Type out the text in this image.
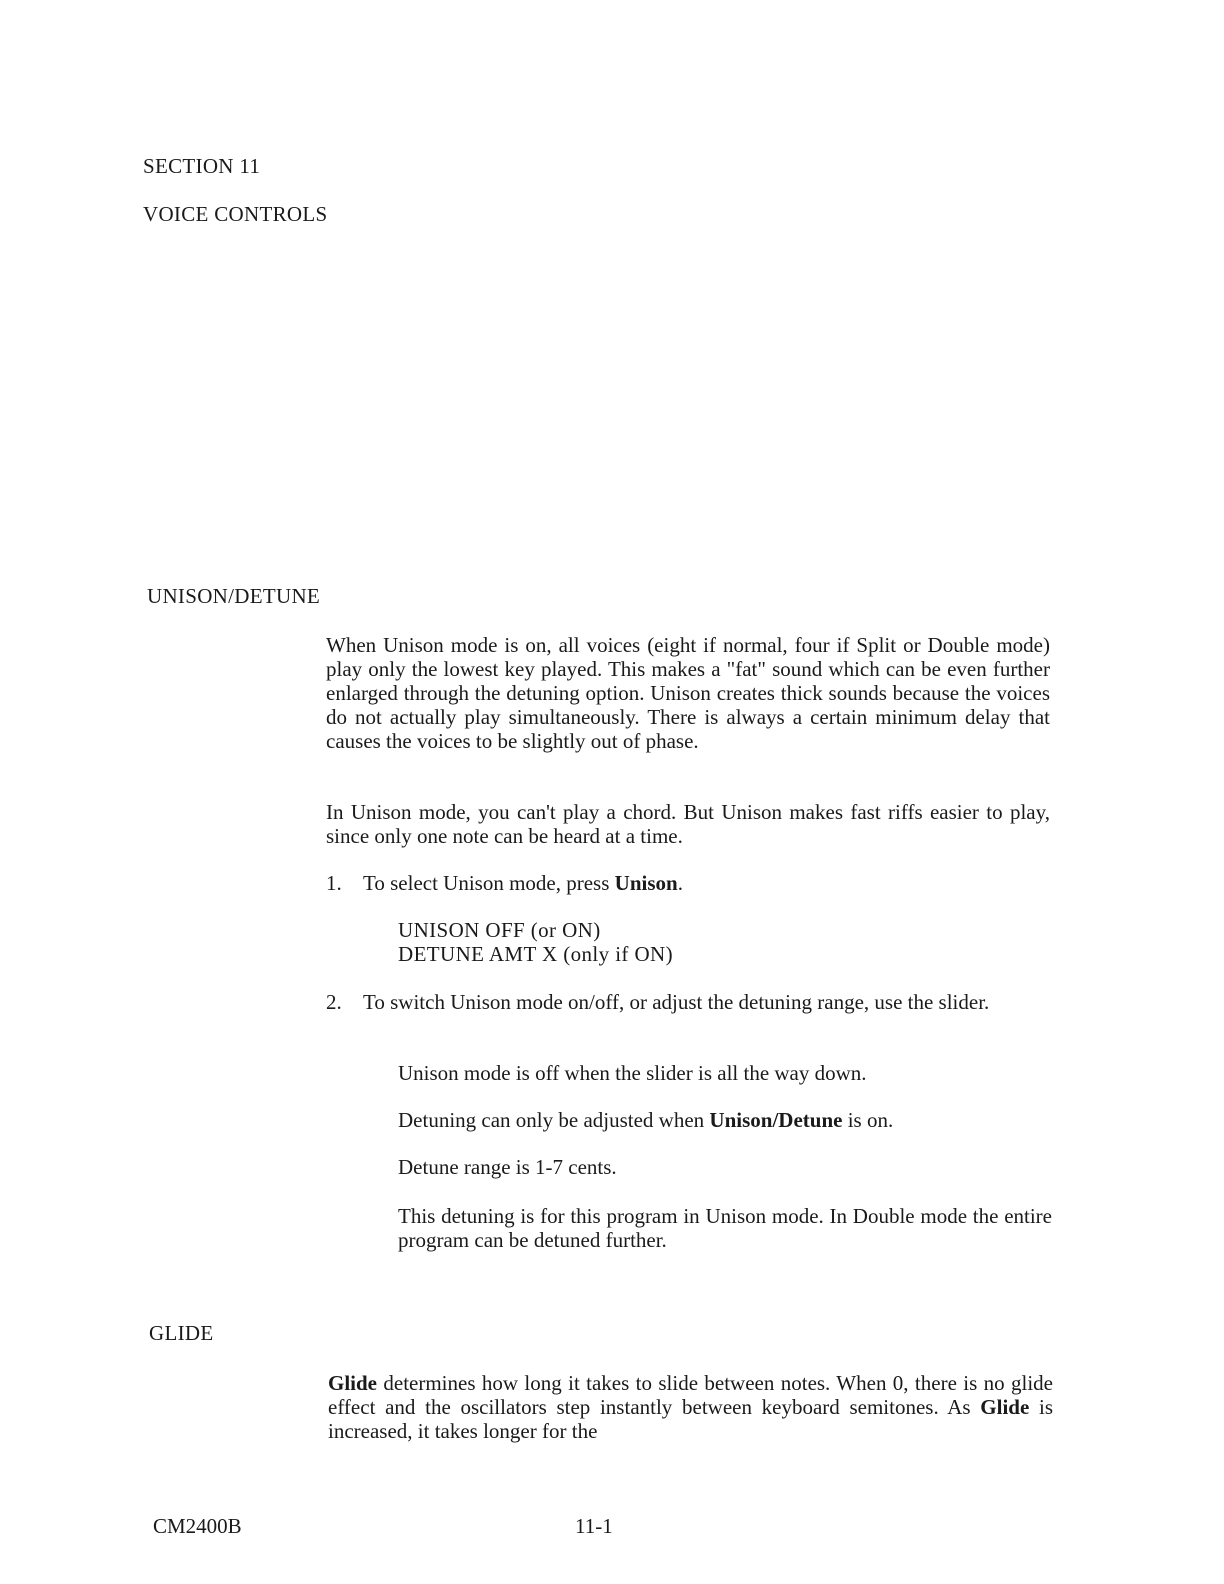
SECTION 11
VOICE CONTROLS
UNISON/DETUNE
When Unison mode is on, all voices (eight if normal, four if Split or Double mode) play only the lowest key played. This makes a "fat" sound which can be even further enlarged through the detuning option. Unison creates thick sounds because the voices do not actually play simultaneously. There is always a certain minimum delay that causes the voices to be slightly out of phase.
In Unison mode, you can't play a chord. But Unison makes fast riffs easier to play, since only one note can be heard at a time.
1. To select Unison mode, press Unison.
UNISON OFF (or ON)
DETUNE AMT X (only if ON)
2. To switch Unison mode on/off, or adjust the detuning range, use the slider.
Unison mode is off when the slider is all the way down.
Detuning can only be adjusted when Unison/Detune is on.
Detune range is 1-7 cents.
This detuning is for this program in Unison mode. In Double mode the entire program can be detuned further.
GLIDE
Glide determines how long it takes to slide between notes. When 0, there is no glide effect and the oscillators step instantly between keyboard semitones. As Glide is increased, it takes longer for the
CM2400B	11-1
